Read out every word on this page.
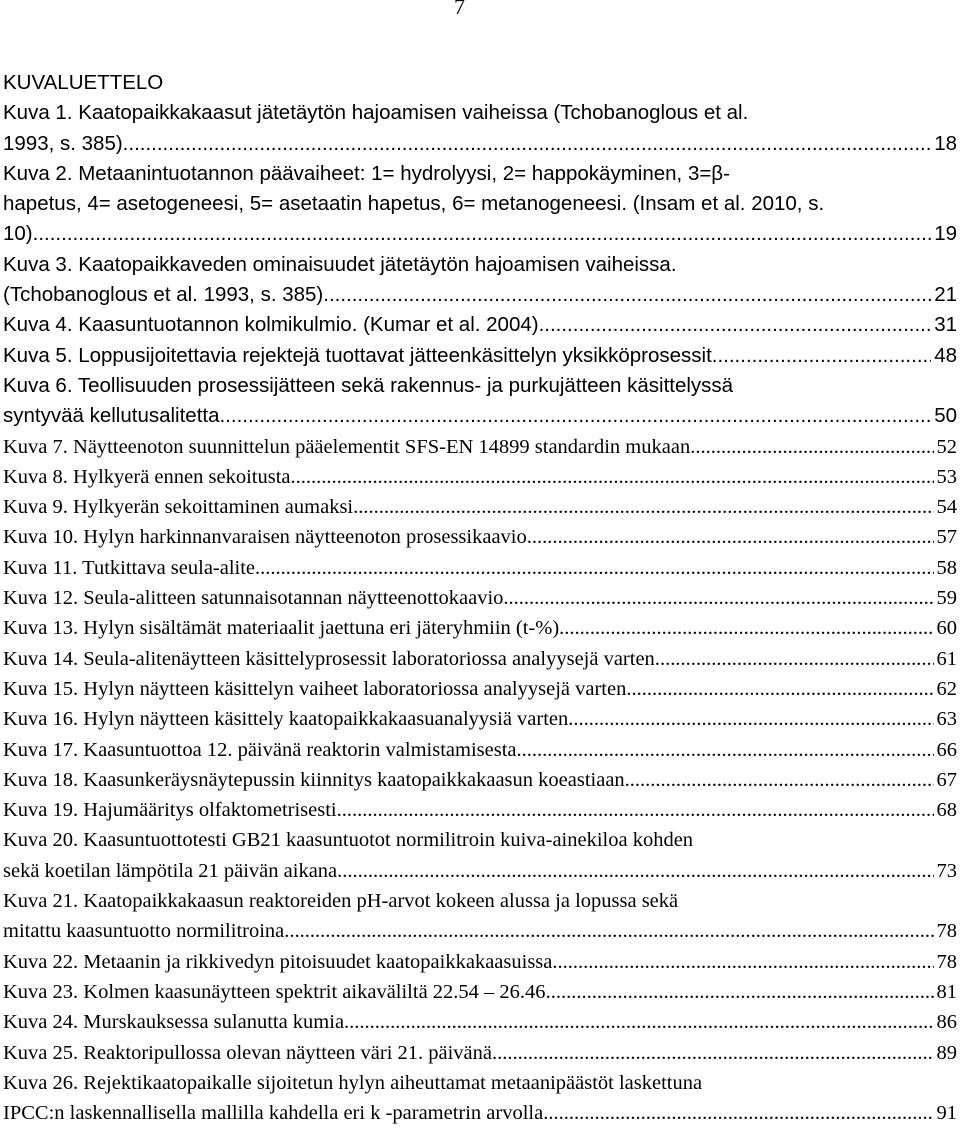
7
KUVALUETTELO
Kuva 1. Kaatopaikkakaasut jätetäytön hajoamisen vaiheissa (Tchobanoglous et al.
1993, s. 385). .....	18
Kuva 2. Metaanintuotannon päävaiheet: 1= hydrolyysi, 2= happokäyminen, 3=β-
hapetus, 4= asetogeneesi, 5= asetaatin hapetus, 6= metanogeneesi. (Insam et al. 2010, s.
10) .....	19
Kuva 3. Kaatopaikkaveden ominaisuudet jätetäytön hajoamisen vaiheissa.
(Tchobanoglous et al. 1993, s. 385) .....	21
Kuva 4. Kaasuntuotannon kolmikulmio. (Kumar et al. 2004) .....	31
Kuva 5. Loppusijoitettavia rejektejä tuottavat jätteenkäsittelyn yksikköprosessit. .....	48
Kuva 6. Teollisuuden prosessijätteen sekä rakennus- ja purkujätteen käsittelyssä
syntyvää kellutusalitetta. .....	50
Kuva 7. Näytteenoton suunnittelun pääelementit SFS-EN 14899 standardin mukaan. .....	52
Kuva 8. Hylkyerä ennen sekoitusta. .....	53
Kuva 9. Hylkyerän sekoittaminen aumaksi. .....	54
Kuva 10. Hylyn harkinnanvaraisen näytteenoton prosessikaavio. .....	57
Kuva 11. Tutkittava seula-alite. .....	58
Kuva 12. Seula-alitteen satunnaisotannan näytteenottokaavio. .....	59
Kuva 13. Hylyn sisältämät materiaalit jaettuna eri jäteryhmiin (t-%). .....	60
Kuva 14. Seula-alitenäytteen käsittelyprosessit laboratoriossa analyysejä varten. .....	61
Kuva 15. Hylyn näytteen käsittelyn vaiheet laboratoriossa analyysejä varten. .....	62
Kuva 16. Hylyn näytteen käsittely kaatopaikkakaasuanalyysiä varten. .....	63
Kuva 17. Kaasuntuottoa 12. päivänä reaktorin valmistamisesta. .....	66
Kuva 18. Kaasunkeräysnäytepussin kiinnitys kaatopaikkakaasun koeastiaan. .....	67
Kuva 19. Hajumääritys olfaktometrisesti. .....	68
Kuva 20. Kaasuntuottotesti GB21 kaasuntuotot normilitroin kuiva-ainekiloa kohden
sekä koetilan lämpötila 21 päivän aikana .....	73
Kuva 21. Kaatopaikkakaasun reaktoreiden pH-arvot kokeen alussa ja lopussa sekä
mitattu kaasuntuotto normilitroina .....	78
Kuva 22. Metaanin ja rikkivedyn pitoisuudet kaatopaikkakaasuissa. .....	78
Kuva 23. Kolmen kaasunäytteen spektrit aikaväliltä 22.54 – 26.46 .....	81
Kuva 24. Murskauksessa sulanutta kumia. .....	86
Kuva 25. Reaktoripullossa olevan näytteen väri 21. päivänä .....	89
Kuva 26. Rejektikaatopaikalle sijoitetun hylyn aiheuttamat metaanipäästöt laskettuna
IPCC:n laskennallisella mallilla kahdella eri k -parametrin arvolla. .....	91
